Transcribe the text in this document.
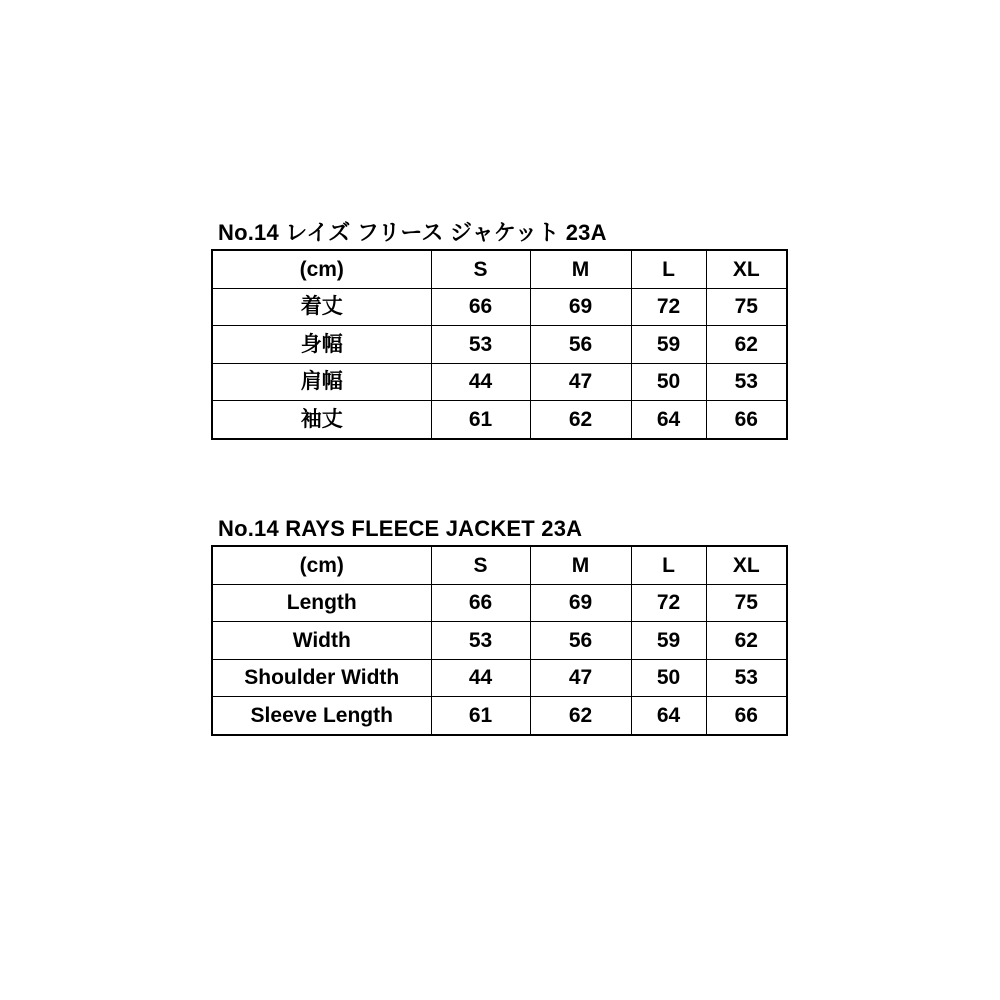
No.14 レイズ フリース ジャケット 23A
(cm)	S	M	L	XL
着丈	66	69	72	75
身幅	53	56	59	62
肩幅	44	47	50	53
袖丈	61	62	64	66
No.14 RAYS FLEECE JACKET 23A
(cm)	S	M	L	XL
Length	66	69	72	75
Width	53	56	59	62
Shoulder Width	44	47	50	53
Sleeve Length	61	62	64	66
